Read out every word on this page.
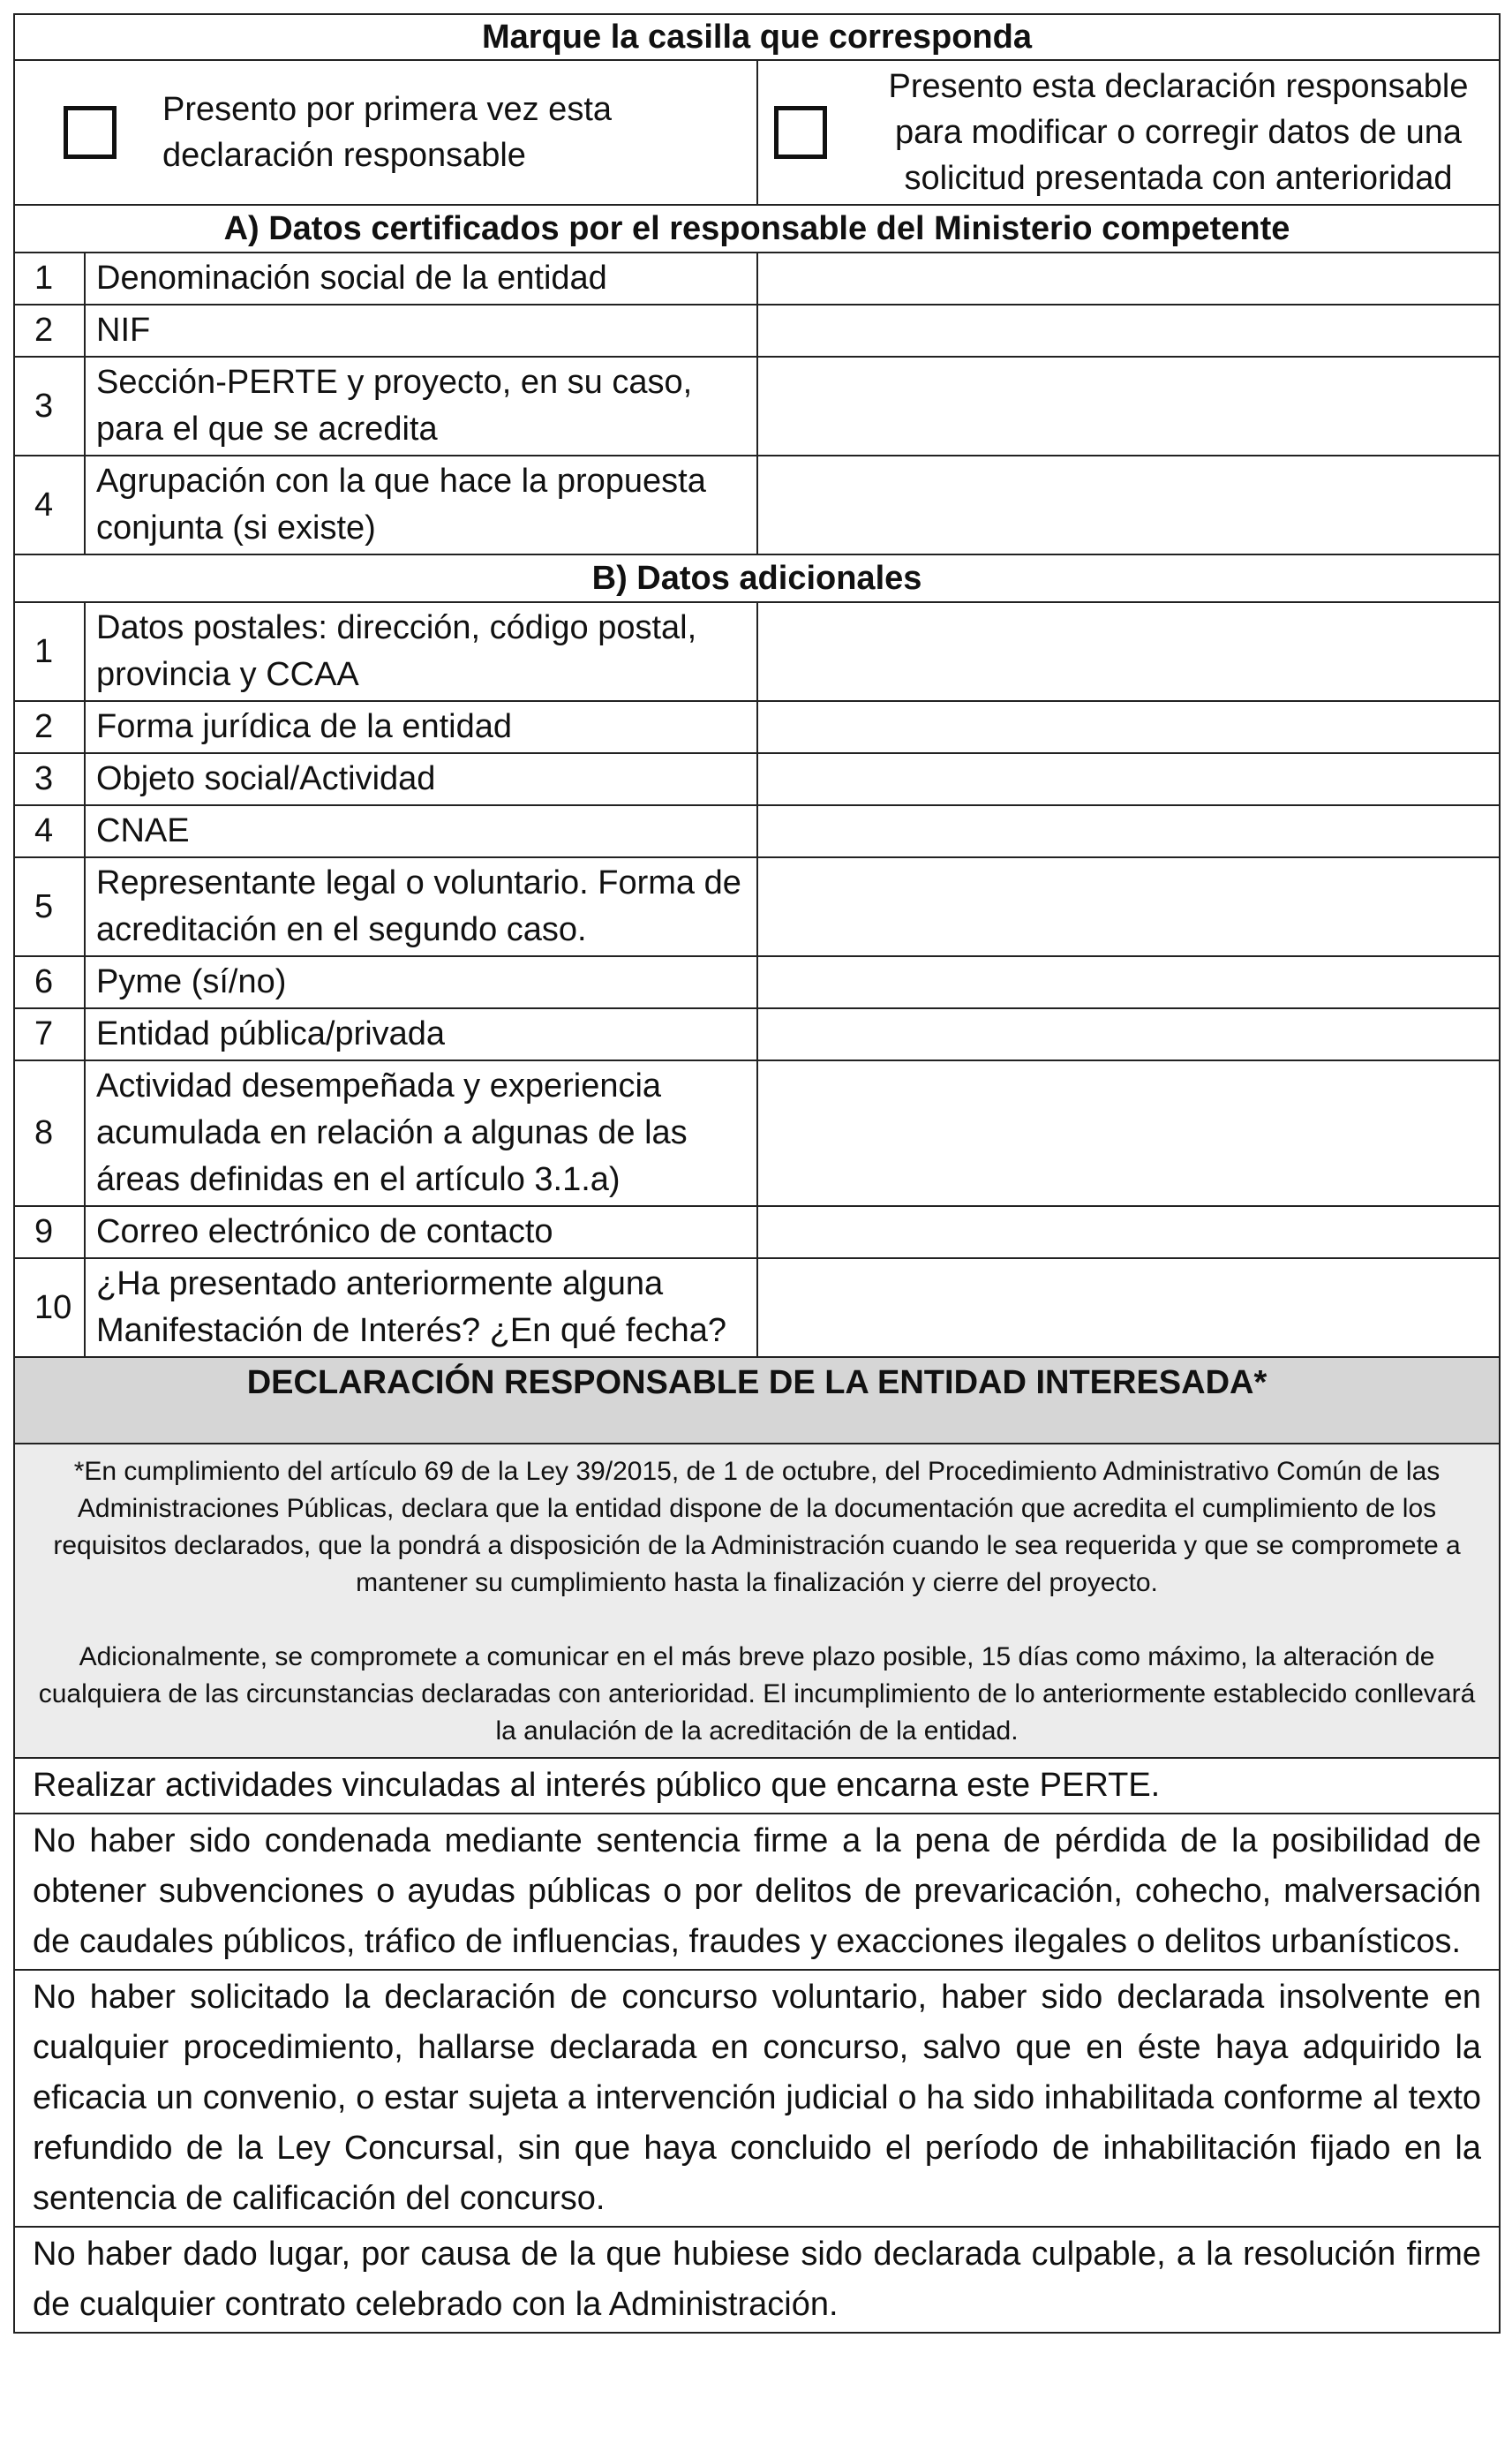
Marque la casilla que corresponda		

Presento por primera vez esta declaración responsable		Presento esta declaración responsable para modificar o corregir datos de una solicitud presentada con anterioridad

A) Datos certificados por el responsable del Ministerio competente		
1	Denominación social de la entidad	
2	NIF	
3	Sección-PERTE y proyecto, en su caso, para el que se acredita	
4	Agrupación con la que hace la propuesta conjunta (si existe)	
B) Datos adicionales		
1	Datos postales: dirección, código postal, provincia y CCAA	
2	Forma jurídica de la entidad	
3	Objeto social/Actividad	
4	CNAE	
5	Representante legal o voluntario. Forma de acreditación en el segundo caso.	
6	Pyme (sí/no)	
7	Entidad pública/privada	
8	Actividad desempeñada y experiencia acumulada en relación a algunas de las áreas definidas en el artículo 3.1.a)	
9	Correo electrónico de contacto	
10	¿Ha presentado anteriormente alguna Manifestación de Interés? ¿En qué fecha?	
DECLARACIÓN RESPONSABLE DE LA ENTIDAD INTERESADA*		

*En cumplimiento del artículo 69 de la Ley 39/2015, de 1 de octubre, del Procedimiento Administrativo Común de las Administraciones Públicas, declara que la entidad dispone de la documentación que acredita el cumplimiento de los requisitos declarados, que la pondrá a disposición de la Administración cuando le sea requerida y que se compromete a mantener su cumplimiento hasta la finalización y cierre del proyecto.

Adicionalmente, se compromete a comunicar en el más breve plazo posible, 15 días como máximo, la alteración de cualquiera de las circunstancias declaradas con anterioridad. El incumplimiento de lo anteriormente establecido conllevará la anulación de la acreditación de la entidad.		

Realizar actividades vinculadas al interés público que encarna este PERTE.		
No haber sido condenada mediante sentencia firme a la pena de pérdida de la posibilidad de obtener subvenciones o ayudas públicas o por delitos de prevaricación, cohecho, malversación de caudales públicos, tráfico de influencias, fraudes y exacciones ilegales o delitos urbanísticos.		
No haber solicitado la declaración de concurso voluntario, haber sido declarada insolvente en cualquier procedimiento, hallarse declarada en concurso, salvo que en éste haya adquirido la eficacia un convenio, o estar sujeta a intervención judicial o ha sido inhabilitada conforme al texto refundido de la Ley Concursal, sin que haya concluido el período de inhabilitación fijado en la sentencia de calificación del concurso.		
No haber dado lugar, por causa de la que hubiese sido declarada culpable, a la resolución firme de cualquier contrato celebrado con la Administración.		
